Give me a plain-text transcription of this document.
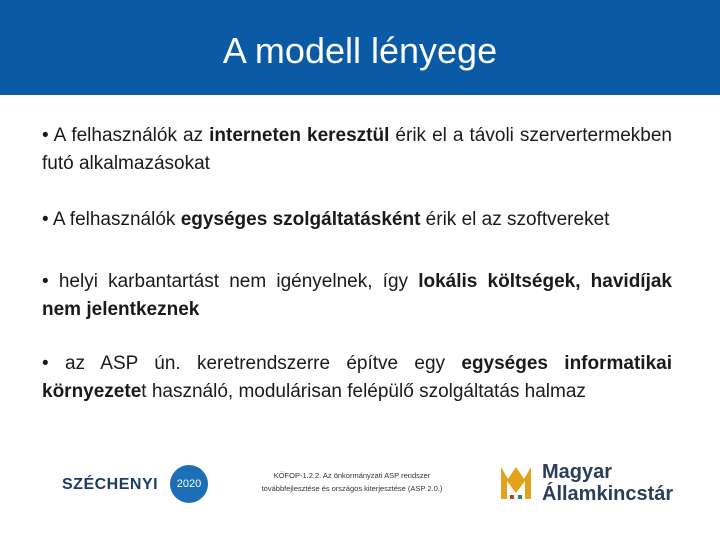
A modell lényege

• A felhasználók az interneten keresztül érik el a távoli szervertermekben futó alkalmazásokat

• A felhasználók egységes szolgáltatásként érik el az szoftvereket

• helyi karbantartást nem igényelnek, így lokális költségek, havidíjak nem jelentkeznek

• az ASP ún. keretrendszerre építve egy egységes informatikai környezetet használó, modulárisan felépülő szolgáltatás halmaz

SZÉCHENYI	2020
KÖFOP-1.2.2. Az önkormányzati ASP rendszer
továbbfejlesztése és országos kiterjesztése (ASP 2.0.)
Magyar
Államkincstár
